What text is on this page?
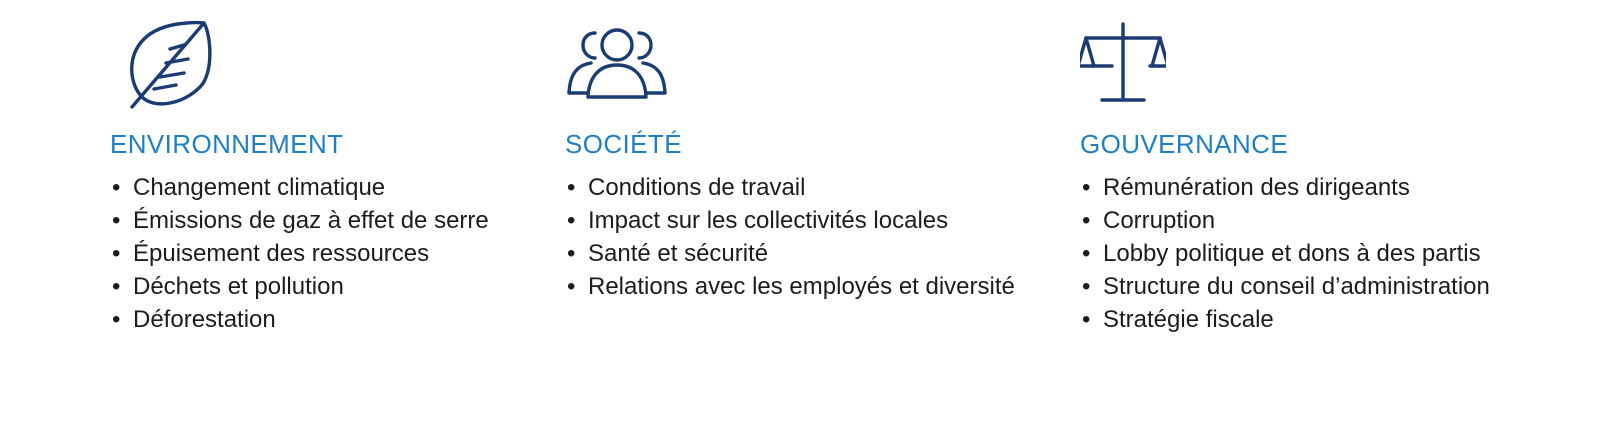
ENVIRONNEMENT
• Changement climatique
• Émissions de gaz à effet de serre
• Épuisement des ressources
• Déchets et pollution
• Déforestation
SOCIÉTÉ
• Conditions de travail
• Impact sur les collectivités locales
• Santé et sécurité
• Relations avec les employés et diversité
GOUVERNANCE
• Rémunération des dirigeants
• Corruption
• Lobby politique et dons à des partis
• Structure du conseil d’administration
• Stratégie fiscale
